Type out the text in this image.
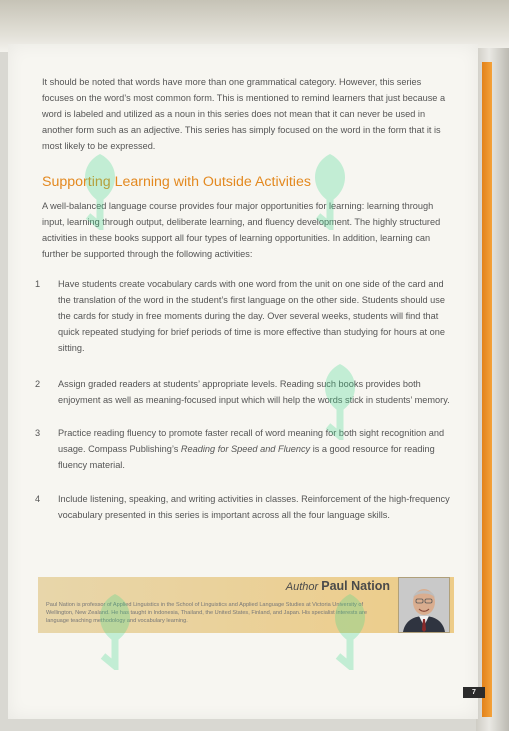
It should be noted that words have more than one grammatical category. However, this series focuses on the word’s most common form. This is mentioned to remind learners that just because a word is labeled and utilized as a noun in this series does not mean that it can never be used in another form such as an adjective. This series has simply focused on the word in the form that it is most likely to be expressed.

Supporting Learning with Outside Activities

A well-balanced language course provides four major opportunities for learning: learning through input, learning through output, deliberate learning, and fluency development. The highly structured activities in these books support all four types of learning opportunities. In addition, learning can further be supported through the following activities:

1 Have students create vocabulary cards with one word from the unit on one side of the card and the translation of the word in the student’s first language on the other side. Students should use the cards for study in free moments during the day. Over several weeks, students will find that quick repeated studying for brief periods of time is more effective than studying for hours at one sitting.
2 Assign graded readers at students’ appropriate levels. Reading such books provides both enjoyment as well as meaning-focused input which will help the words stick in students’ memory.
3 Practice reading fluency to promote faster recall of word meaning for both sight recognition and usage. Compass Publishing’s Reading for Speed and Fluency is a good resource for reading fluency material.
4 Include listening, speaking, and writing activities in classes. Reinforcement of the high-frequency vocabulary presented in this series is important across all the four language skills.
Author Paul Nation

Paul Nation is professor of Applied Linguistics in the School of Linguistics and Applied Language Studies at Victoria University of Wellington, New Zealand. He has taught in Indonesia, Thailand, the United States, Finland, and Japan. His specialist interests are language teaching methodology and vocabulary learning.

7
